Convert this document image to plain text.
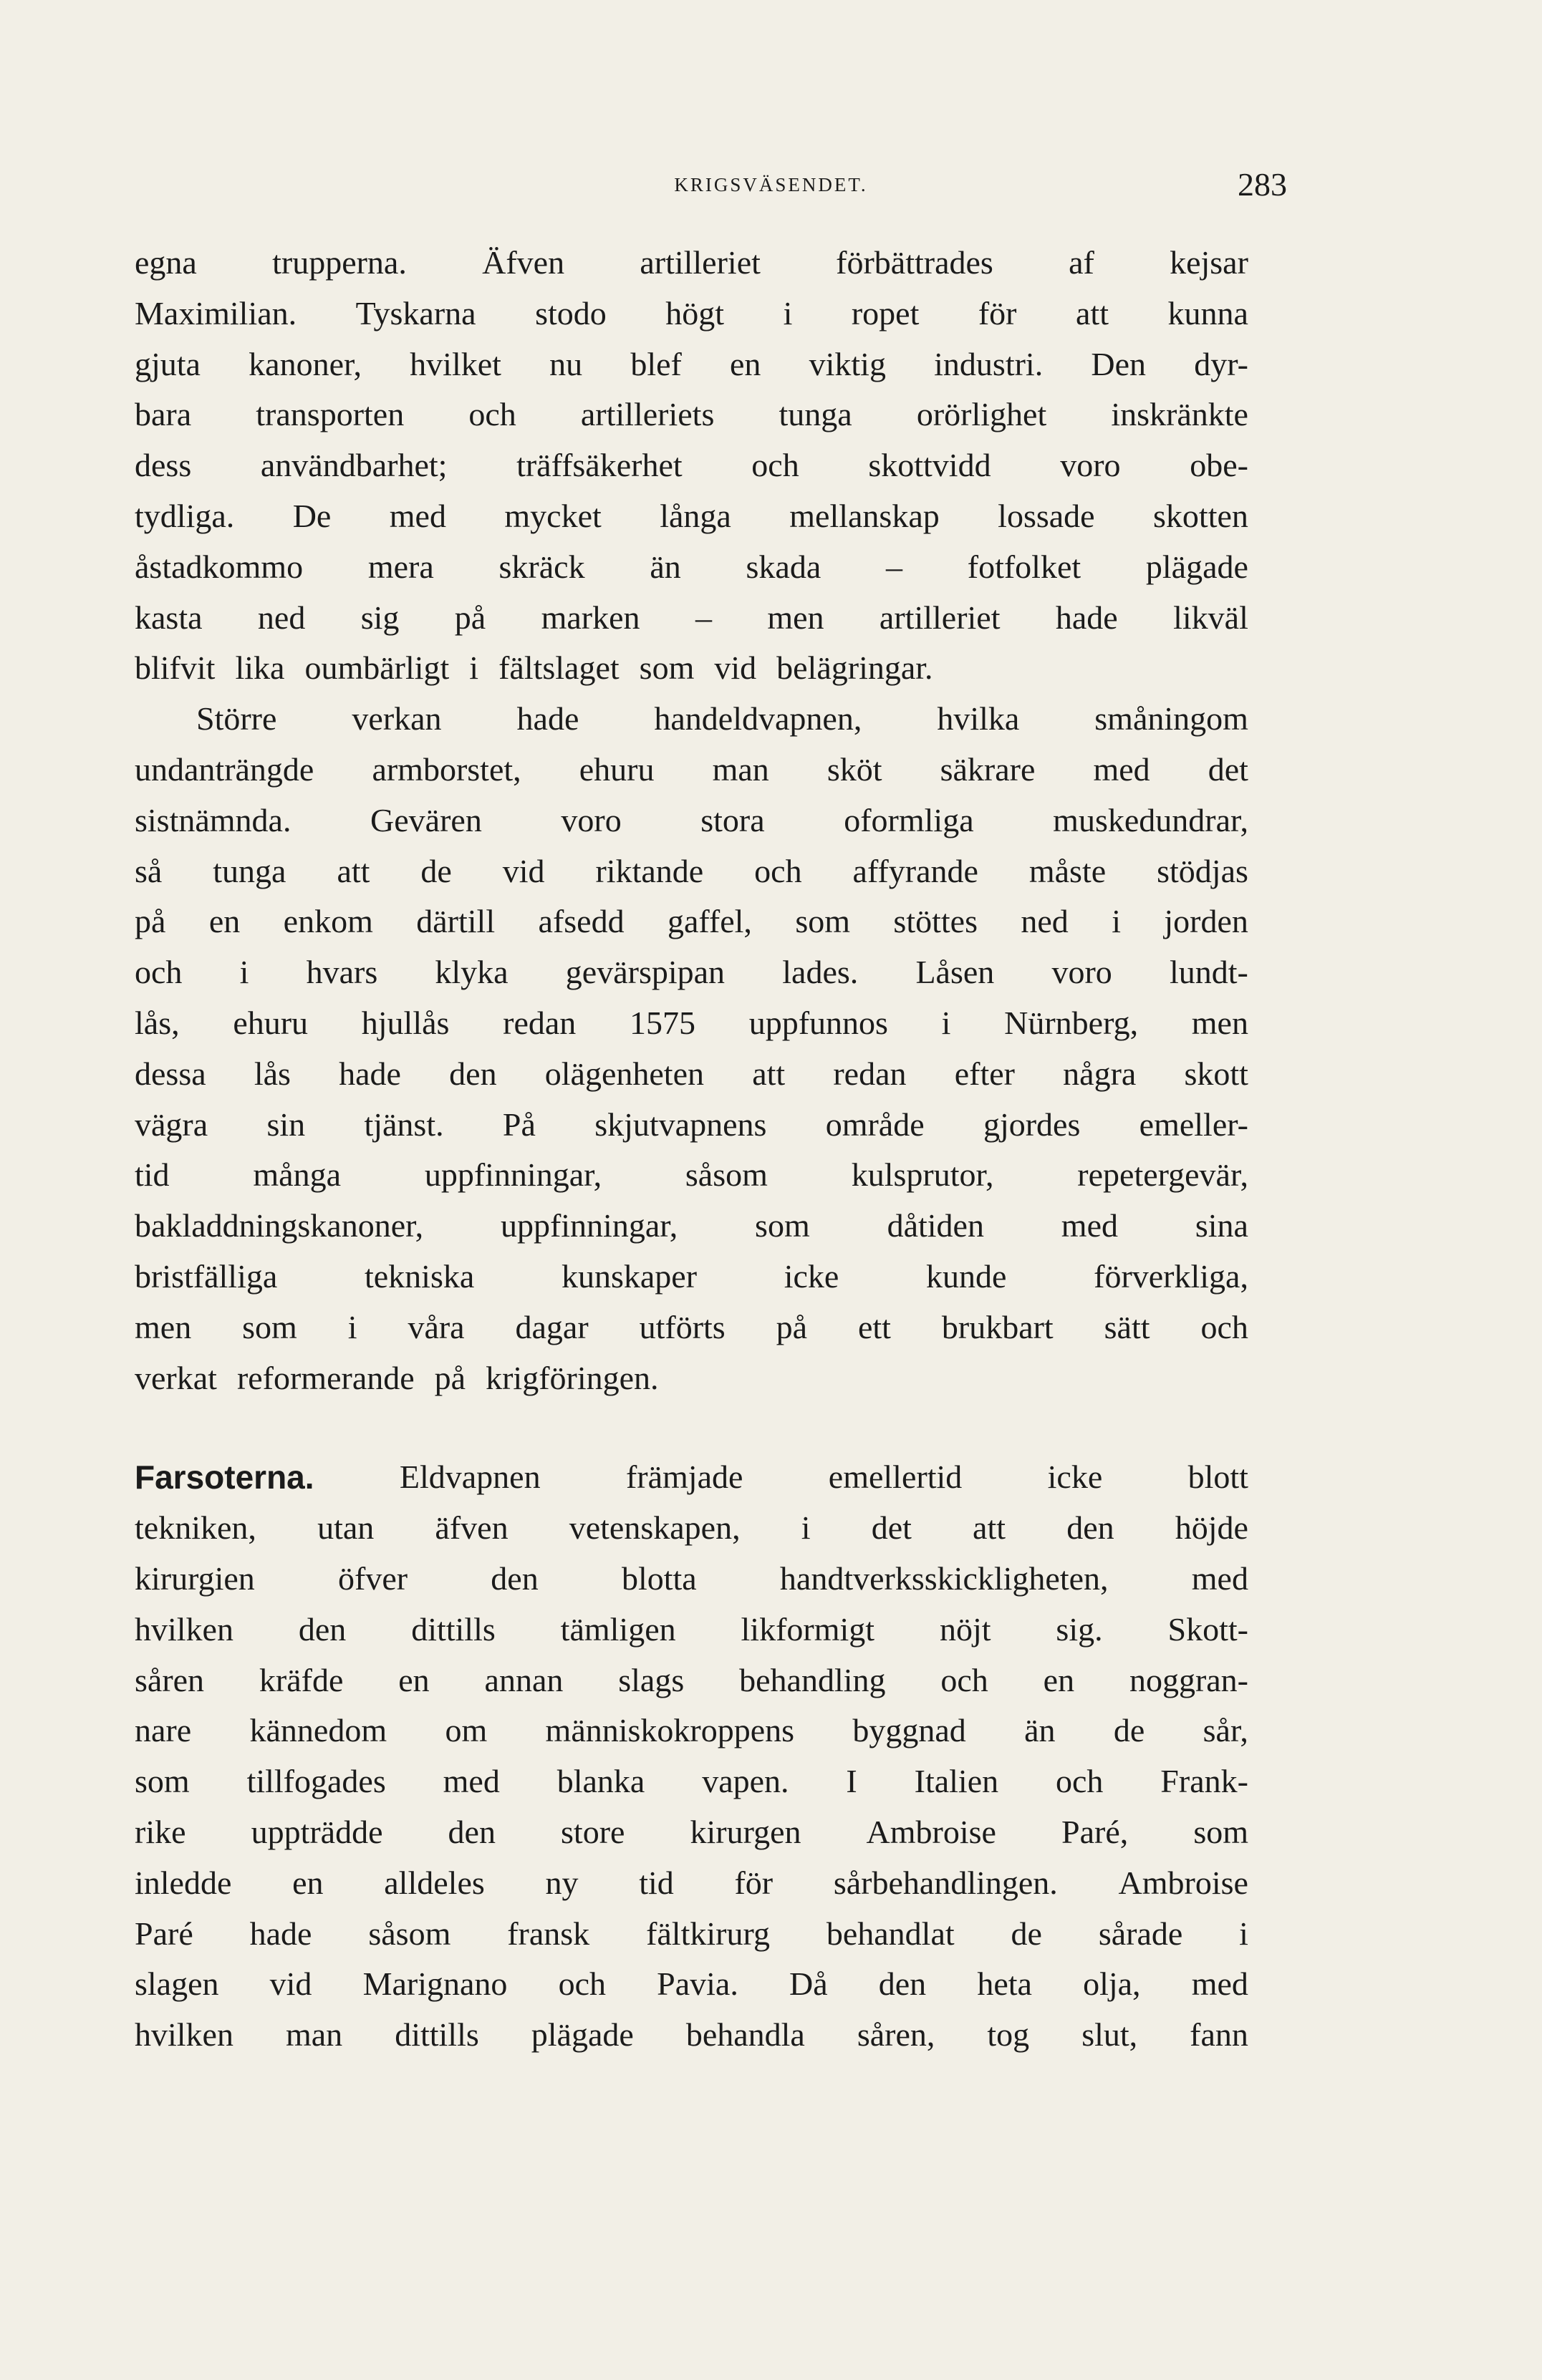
KRIGSVÄSENDET.	283
egna trupperna. Äfven artilleriet förbättrades af kejsar
Maximilian. Tyskarna stodo högt i ropet för att kunna
gjuta kanoner, hvilket nu blef en viktig industri. Den dyr-
bara transporten och artilleriets tunga orörlighet inskränkte
dess användbarhet; träffsäkerhet och skottvidd voro obe-
tydliga. De med mycket långa mellanskap lossade skotten
åstadkommo mera skräck än skada – fotfolket plägade
kasta ned sig på marken – men artilleriet hade likväl
blifvit lika oumbärligt i fältslaget som vid belägringar.
Större verkan hade handeldvapnen, hvilka småningom
undanträngde armborstet, ehuru man sköt säkrare med det
sistnämnda. Gevären voro stora oformliga muskedundrar,
så tunga att de vid riktande och affyrande måste stödjas
på en enkom därtill afsedd gaffel, som stöttes ned i jorden
och i hvars klyka gevärspipan lades. Låsen voro lundt-
lås, ehuru hjullås redan 1575 uppfunnos i Nürnberg, men
dessa lås hade den olägenheten att redan efter några skott
vägra sin tjänst. På skjutvapnens område gjordes emeller-
tid	många	uppfinningar,	såsom	kulsprutor,	repetergevär,
bakladdningskanoner, uppfinningar, som dåtiden med sina
bristfälliga	tekniska	kunskaper	icke	kunde	förverkliga,
men som i våra dagar utförts på ett brukbart sätt och
verkat reformerande på krigföringen.
Farsoterna.	Eldvapnen	främjade	emellertid	icke	blott
tekniken, utan äfven vetenskapen, i det att den höjde
kirurgien	öfver	den	blotta	handtverksskickligheten,	med
hvilken den dittills tämligen likformigt nöjt sig. Skott-
såren kräfde en annan slags behandling och en noggran-
nare kännedom om människokroppens byggnad än de sår,
som tillfogades med blanka vapen. I Italien och Frank-
rike uppträdde den store kirurgen Ambroise Paré, som
inledde en alldeles ny tid för sårbehandlingen. Ambroise
Paré hade såsom fransk fältkirurg behandlat de sårade i
slagen vid Marignano och Pavia. Då den heta olja, med
hvilken man dittills plägade behandla såren, tog slut, fann
